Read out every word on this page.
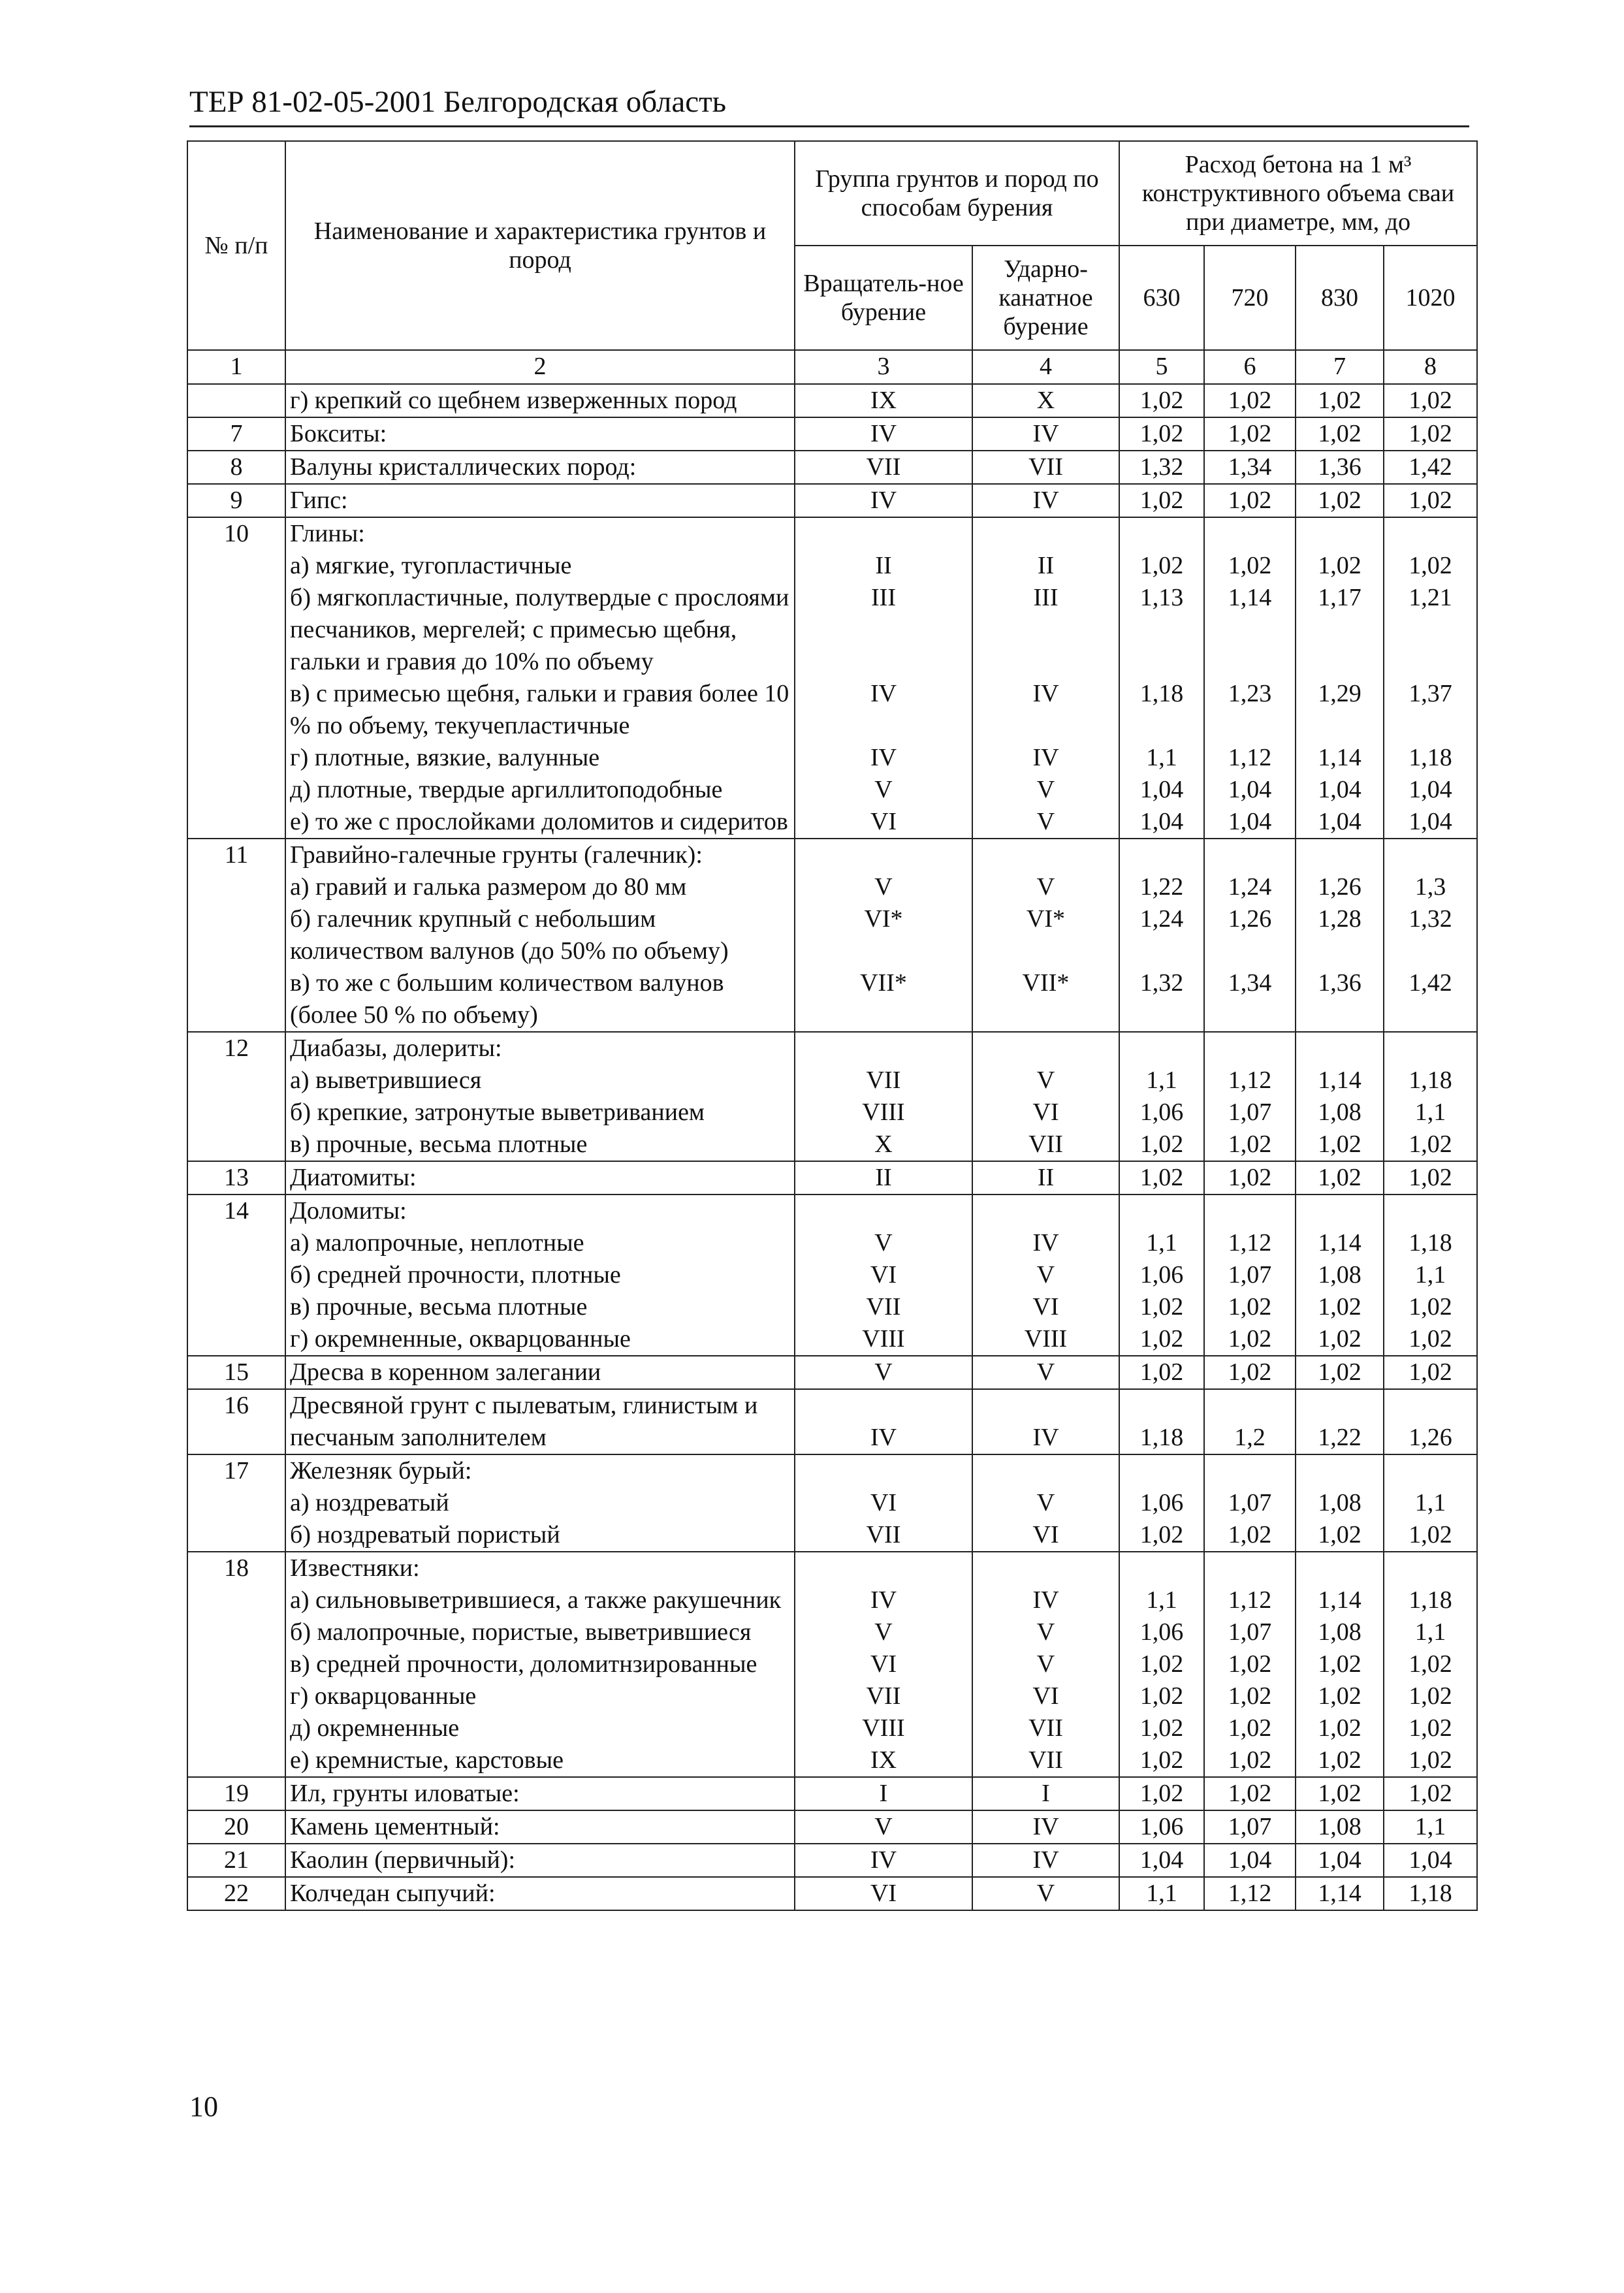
ТЕР 81-02-05-2001 Белгородская область
№ п/п	Наименование и характеристика грунтов и пород	Группа грунтов и пород по способам бурения		Расход бетона на 1 м³ конструктивного объема сваи при диаметре, мм, до			
		Вращатель-ное бурение	Ударно-канатное бурение	630	720	830	1020
1	2	3	4	5	6	7	8
	г) крепкий со щебнем изверженных пород	IX	X	1,02	1,02	1,02	1,02
7	Бокситы:	IV	IV	1,02	1,02	1,02	1,02
8	Валуны кристаллических пород:	VII	VII	1,32	1,34	1,36	1,42
9	Гипс:	IV	IV	1,02	1,02	1,02	1,02
10	Глины:						
	а) мягкие, тугопластичные	II	II	1,02	1,02	1,02	1,02
	б) мягкопластичные, полутвердые с прослоями песчаников, мергелей; с примесью щебня, гальки и гравия до 10% по объему	III	III	1,13	1,14	1,17	1,21
	в) с примесью щебня, гальки и гравия более 10 % по объему, текучепластичные	IV	IV	1,18	1,23	1,29	1,37
	г) плотные, вязкие, валунные	IV	IV	1,1	1,12	1,14	1,18
	д) плотные, твердые аргиллитоподобные	V	V	1,04	1,04	1,04	1,04
	е) то же с прослойками доломитов и сидеритов	VI	V	1,04	1,04	1,04	1,04
11	Гравийно-галечные грунты (галечник):						
	а) гравий и галька размером до 80 мм	V	V	1,22	1,24	1,26	1,3
	б) галечник крупный с небольшим количеством валунов (до 50% по объему)	VI*	VI*	1,24	1,26	1,28	1,32
	в) то же с большим количеством валунов (более 50 % по объему)	VII*	VII*	1,32	1,34	1,36	1,42
12	Диабазы, долериты:						
	а) выветрившиеся	VII	V	1,1	1,12	1,14	1,18
	б) крепкие, затронутые выветриванием	VIII	VI	1,06	1,07	1,08	1,1
	в) прочные, весьма плотные	X	VII	1,02	1,02	1,02	1,02
13	Диатомиты:	II	II	1,02	1,02	1,02	1,02
14	Доломиты:						
	а) малопрочные, неплотные	V	IV	1,1	1,12	1,14	1,18
	б) средней прочности, плотные	VI	V	1,06	1,07	1,08	1,1
	в) прочные, весьма плотные	VII	VI	1,02	1,02	1,02	1,02
	г) окремненные, окварцованные	VIII	VIII	1,02	1,02	1,02	1,02
15	Дресва в коренном залегании	V	V	1,02	1,02	1,02	1,02
16	Дресвяной грунт с пылеватым, глинистым и песчаным заполнителем	IV	IV	1,18	1,2	1,22	1,26
17	Железняк бурый:						
	а) ноздреватый	VI	V	1,06	1,07	1,08	1,1
	б) ноздреватый пористый	VII	VI	1,02	1,02	1,02	1,02
18	Известняки:						
	а) сильновыветрившиеся, а также ракушечник	IV	IV	1,1	1,12	1,14	1,18
	б) малопрочные, пористые, выветрившиеся	V	V	1,06	1,07	1,08	1,1
	в) средней прочности, доломитнзированные	VI	V	1,02	1,02	1,02	1,02
	г) окварцованные	VII	VI	1,02	1,02	1,02	1,02
	д) окремненные	VIII	VII	1,02	1,02	1,02	1,02
	е) кремнистые, карстовые	IX	VII	1,02	1,02	1,02	1,02
19	Ил, грунты иловатые:	I	I	1,02	1,02	1,02	1,02
20	Камень цементный:	V	IV	1,06	1,07	1,08	1,1
21	Каолин (первичный):	IV	IV	1,04	1,04	1,04	1,04
22	Колчедан сыпучий:	VI	V	1,1	1,12	1,14	1,18
10
